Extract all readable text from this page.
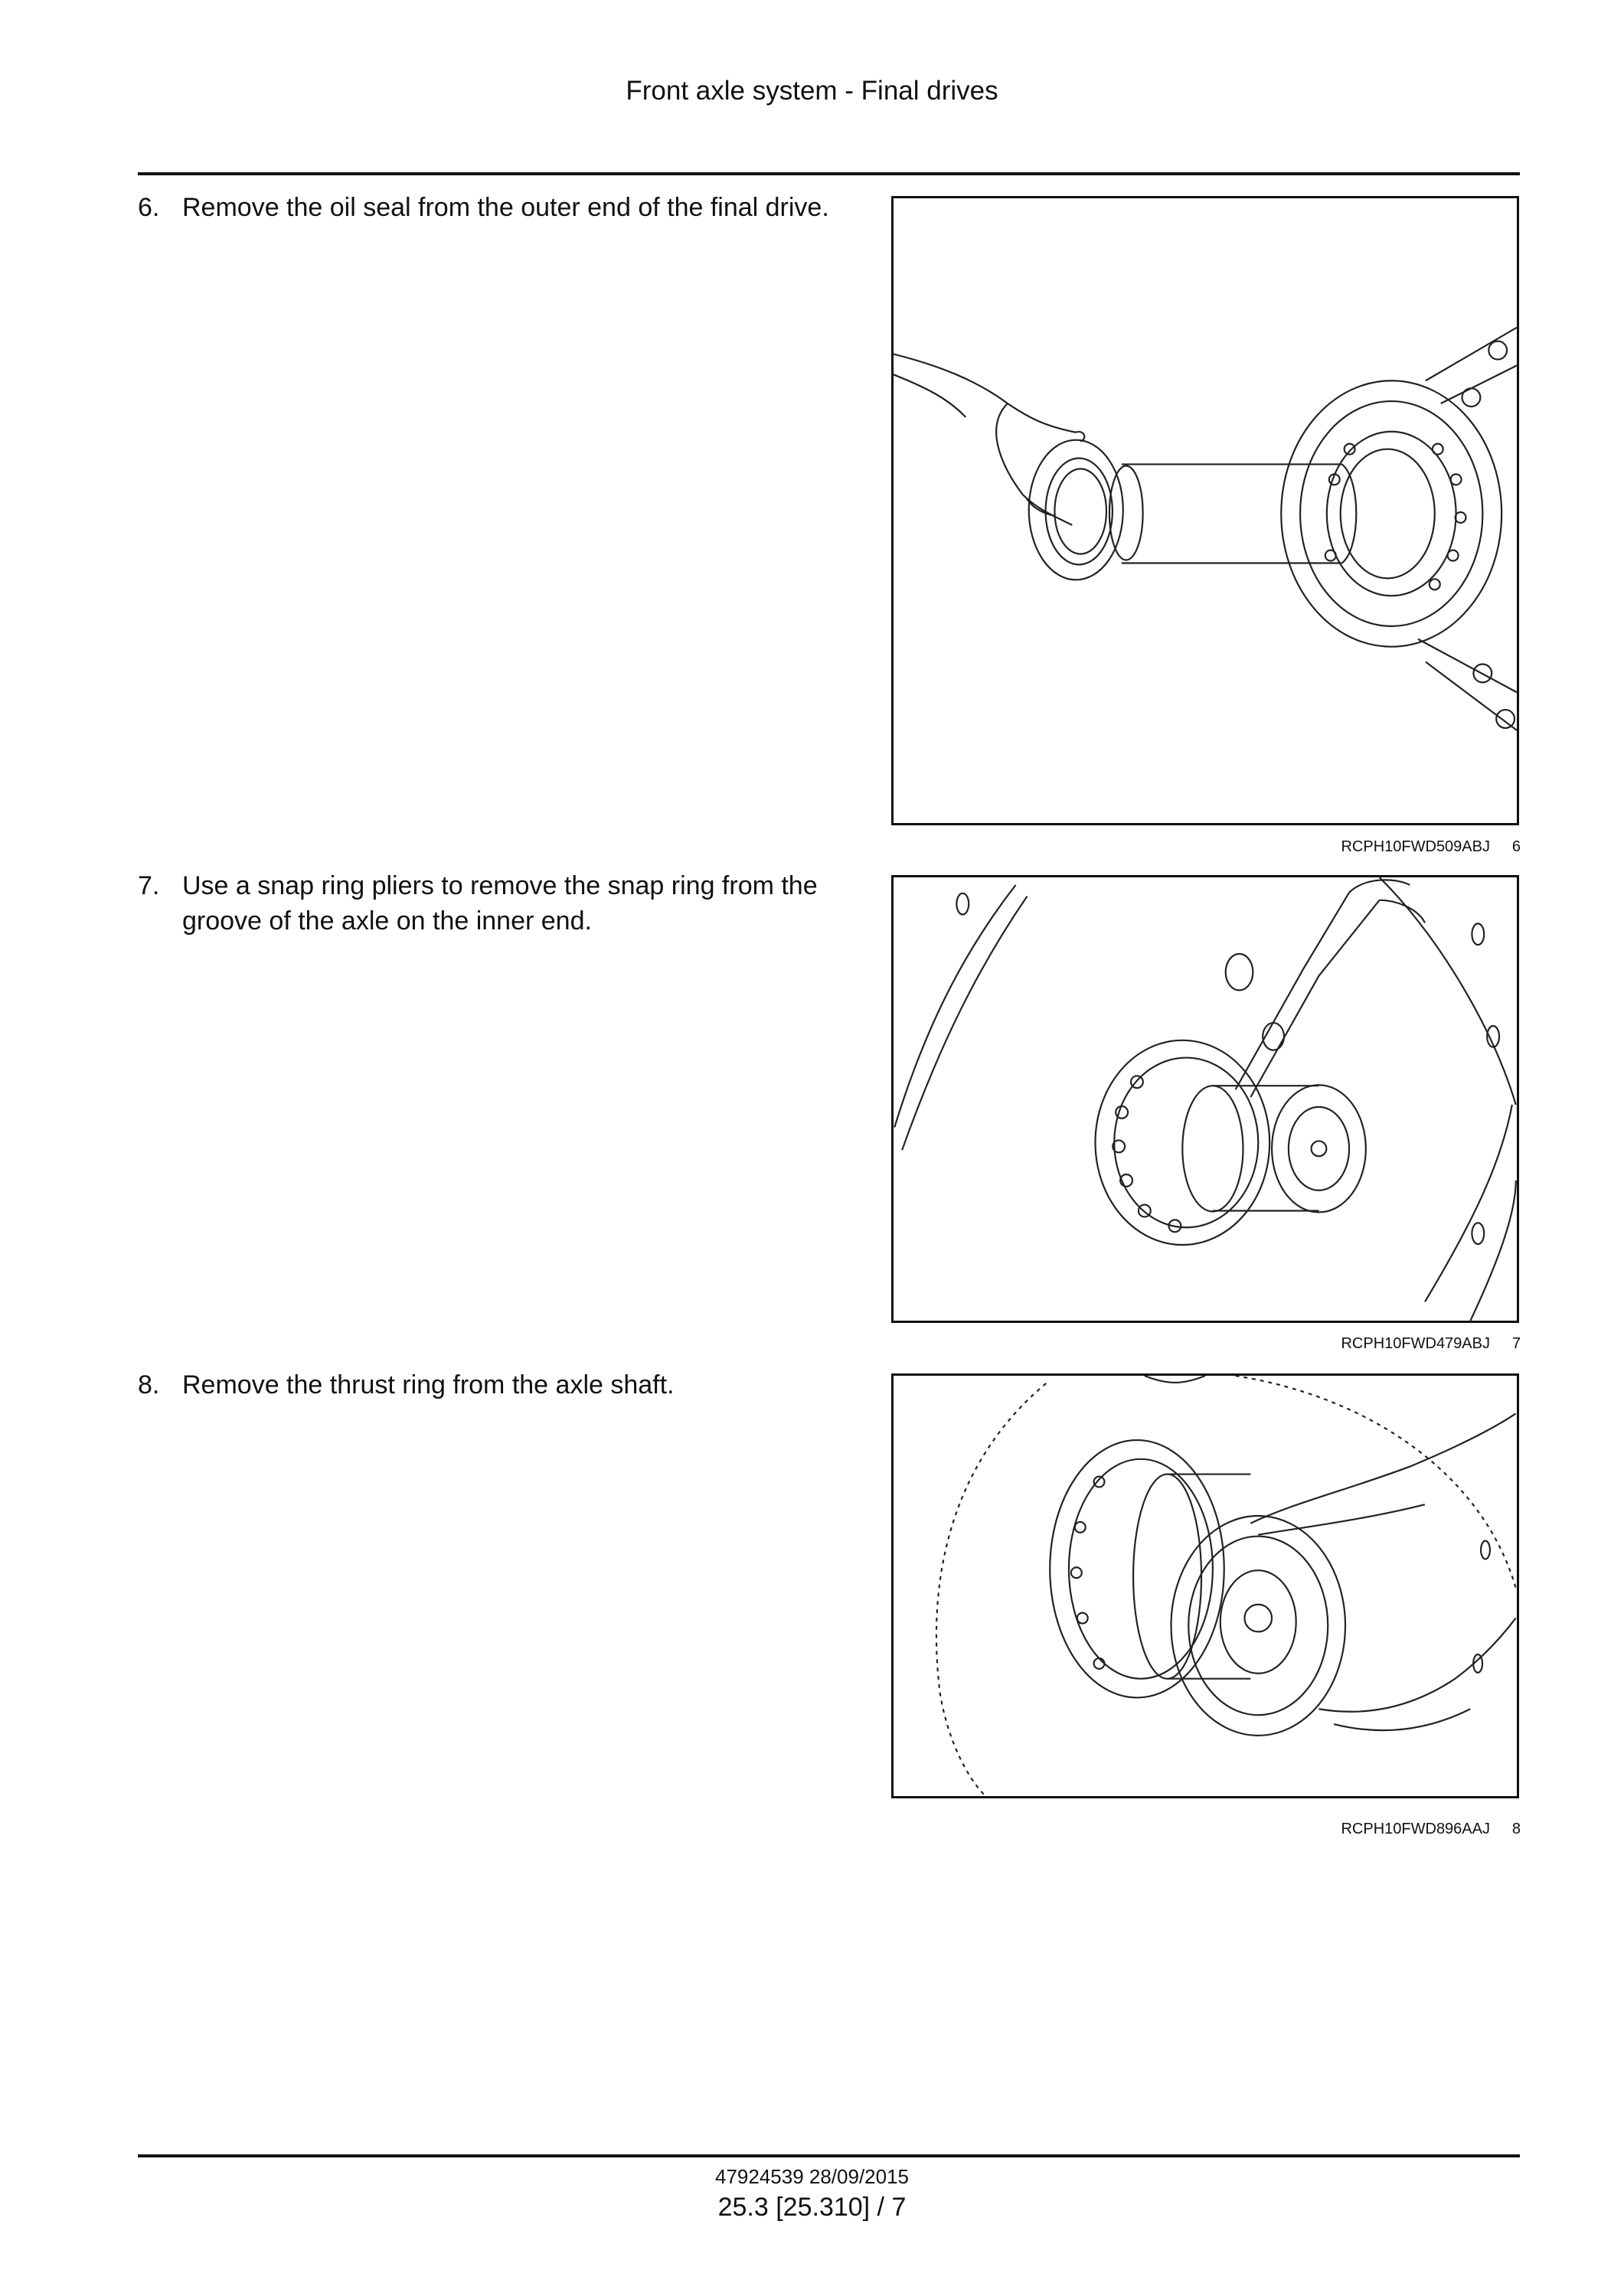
Front axle system - Final drives
6. Remove the oil seal from the outer end of the final drive.
7. Use a snap ring pliers to remove the snap ring from the groove of the axle on the inner end.
8. Remove the thrust ring from the axle shaft.
RCPH10FWD509ABJ 6
RCPH10FWD479ABJ 7
RCPH10FWD896AAJ 8
47924539 28/09/2015
25.3 [25.310] / 7
